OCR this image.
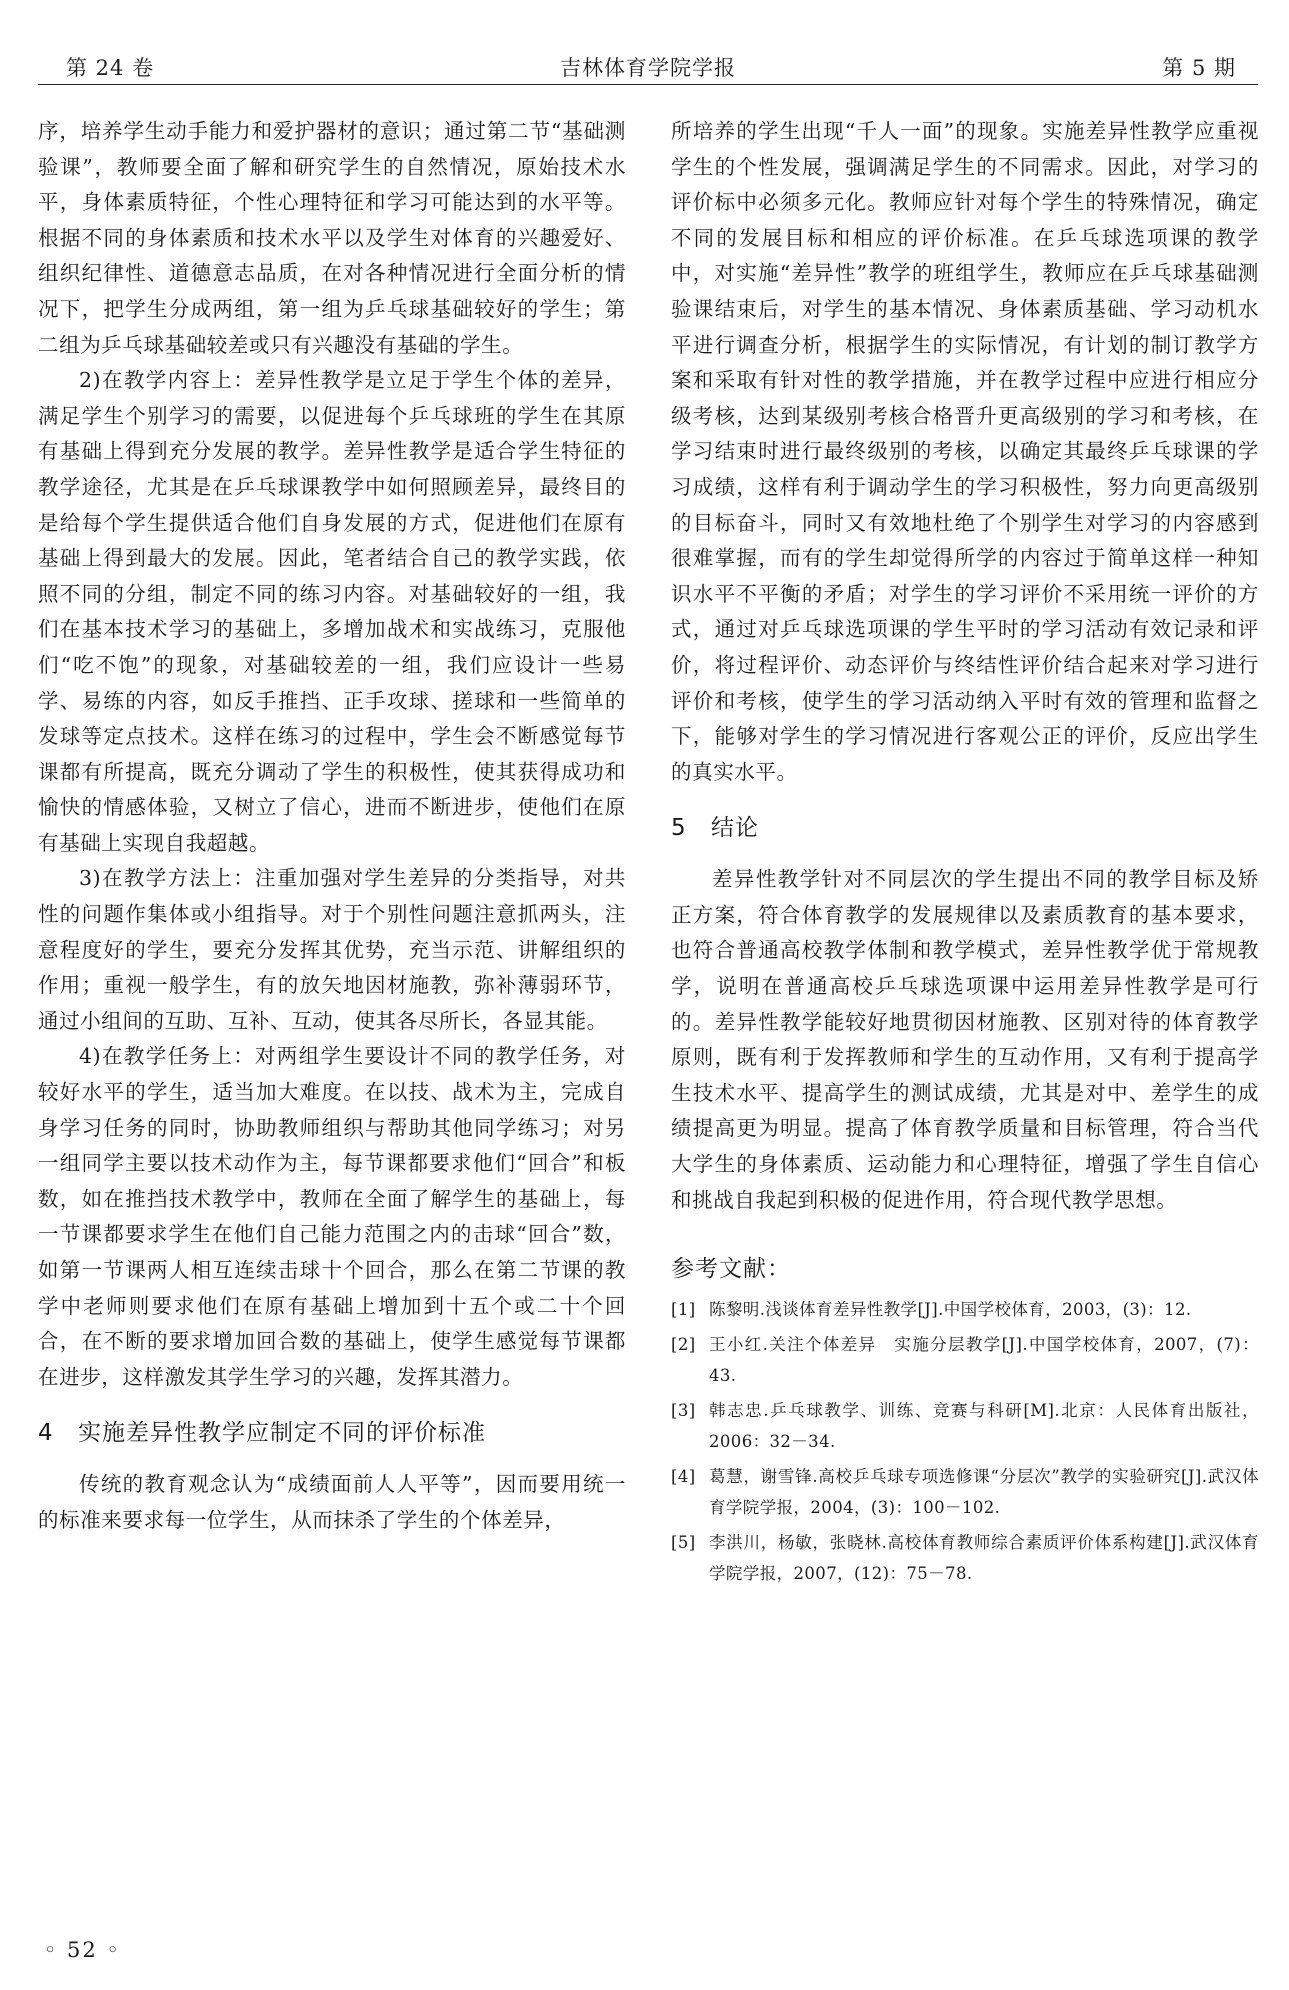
第 24 卷	吉林体育学院学报	第 5 期

序，培养学生动手能力和爱护器材的意识；通过第二节“基础测验课”，教师要全面了解和研究学生的自然情况，原始技术水平，身体素质特征，个性心理特征和学习可能达到的水平等。根据不同的身体素质和技术水平以及学生对体育的兴趣爱好、组织纪律性、道德意志品质，在对各种情况进行全面分析的情况下，把学生分成两组，第一组为乒乓球基础较好的学生；第二组为乒乓球基础较差或只有兴趣没有基础的学生。

2)在教学内容上：差异性教学是立足于学生个体的差异，满足学生个别学习的需要，以促进每个乒乓球班的学生在其原有基础上得到充分发展的教学。差异性教学是适合学生特征的教学途径，尤其是在乒乓球课教学中如何照顾差异，最终目的是给每个学生提供适合他们自身发展的方式，促进他们在原有基础上得到最大的发展。因此，笔者结合自己的教学实践，依照不同的分组，制定不同的练习内容。对基础较好的一组，我们在基本技术学习的基础上，多增加战术和实战练习，克服他们“吃不饱”的现象，对基础较差的一组，我们应设计一些易学、易练的内容，如反手推挡、正手攻球、搓球和一些简单的发球等定点技术。这样在练习的过程中，学生会不断感觉每节课都有所提高，既充分调动了学生的积极性，使其获得成功和愉快的情感体验，又树立了信心，进而不断进步，使他们在原有基础上实现自我超越。

3)在教学方法上：注重加强对学生差异的分类指导，对共性的问题作集体或小组指导。对于个别性问题注意抓两头，注意程度好的学生，要充分发挥其优势，充当示范、讲解组织的作用；重视一般学生，有的放矢地因材施教，弥补薄弱环节，通过小组间的互助、互补、互动，使其各尽所长，各显其能。

4)在教学任务上：对两组学生要设计不同的教学任务，对较好水平的学生，适当加大难度。在以技、战术为主，完成自身学习任务的同时，协助教师组织与帮助其他同学练习；对另一组同学主要以技术动作为主，每节课都要求他们“回合”和板数，如在推挡技术教学中，教师在全面了解学生的基础上，每一节课都要求学生在他们自己能力范围之内的击球“回合”数，如第一节课两人相互连续击球十个回合，那么在第二节课的教学中老师则要求他们在原有基础上增加到十五个或二十个回合，在不断的要求增加回合数的基础上，使学生感觉每节课都在进步，这样激发其学生学习的兴趣，发挥其潜力。

4 实施差异性教学应制定不同的评价标准

传统的教育观念认为“成绩面前人人平等”，因而要用统一的标准来要求每一位学生，从而抹杀了学生的个体差异，

所培养的学生出现“千人一面”的现象。实施差异性教学应重视学生的个性发展，强调满足学生的不同需求。因此，对学习的评价标中必须多元化。教师应针对每个学生的特殊情况，确定不同的发展目标和相应的评价标准。在乒乓球选项课的教学中，对实施“差异性”教学的班组学生，教师应在乒乓球基础测验课结束后，对学生的基本情况、身体素质基础、学习动机水平进行调查分析，根据学生的实际情况，有计划的制订教学方案和采取有针对性的教学措施，并在教学过程中应进行相应分级考核，达到某级别考核合格晋升更高级别的学习和考核，在学习结束时进行最终级别的考核，以确定其最终乒乓球课的学习成绩，这样有利于调动学生的学习积极性，努力向更高级别的目标奋斗，同时又有效地杜绝了个别学生对学习的内容感到很难掌握，而有的学生却觉得所学的内容过于简单这样一种知识水平不平衡的矛盾；对学生的学习评价不采用统一评价的方式，通过对乒乓球选项课的学生平时的学习活动有效记录和评价，将过程评价、动态评价与终结性评价结合起来对学习进行评价和考核，使学生的学习活动纳入平时有效的管理和监督之下，能够对学生的学习情况进行客观公正的评价，反应出学生的真实水平。

5 结论

差异性教学针对不同层次的学生提出不同的教学目标及矫正方案，符合体育教学的发展规律以及素质教育的基本要求，也符合普通高校教学体制和教学模式，差异性教学优于常规教学，说明在普通高校乒乓球选项课中运用差异性教学是可行的。差异性教学能较好地贯彻因材施教、区别对待的体育教学原则，既有利于发挥教师和学生的互动作用，又有利于提高学生技术水平、提高学生的测试成绩，尤其是对中、差学生的成绩提高更为明显。提高了体育教学质量和目标管理，符合当代大学生的身体素质、运动能力和心理特征，增强了学生自信心和挑战自我起到积极的促进作用，符合现代教学思想。

参考文献：
[1] 陈黎明.浅谈体育差异性教学[J].中国学校体育，2003，(3)：12.
[2] 王小红.关注个体差异　实施分层教学[J].中国学校体育，2007，(7)：43.
[3] 韩志忠.乒乓球教学、训练、竞赛与科研[M].北京：人民体育出版社，2006：32－34.
[4] 葛慧，谢雪锋.高校乒乓球专项选修课“分层次”教学的实验研究[J].武汉体育学院学报，2004，(3)：100－102.
[5] 李洪川，杨敏，张晓林.高校体育教师综合素质评价体系构建[J].武汉体育学院学报，2007，(12)：75－78.
◦ 52 ◦
